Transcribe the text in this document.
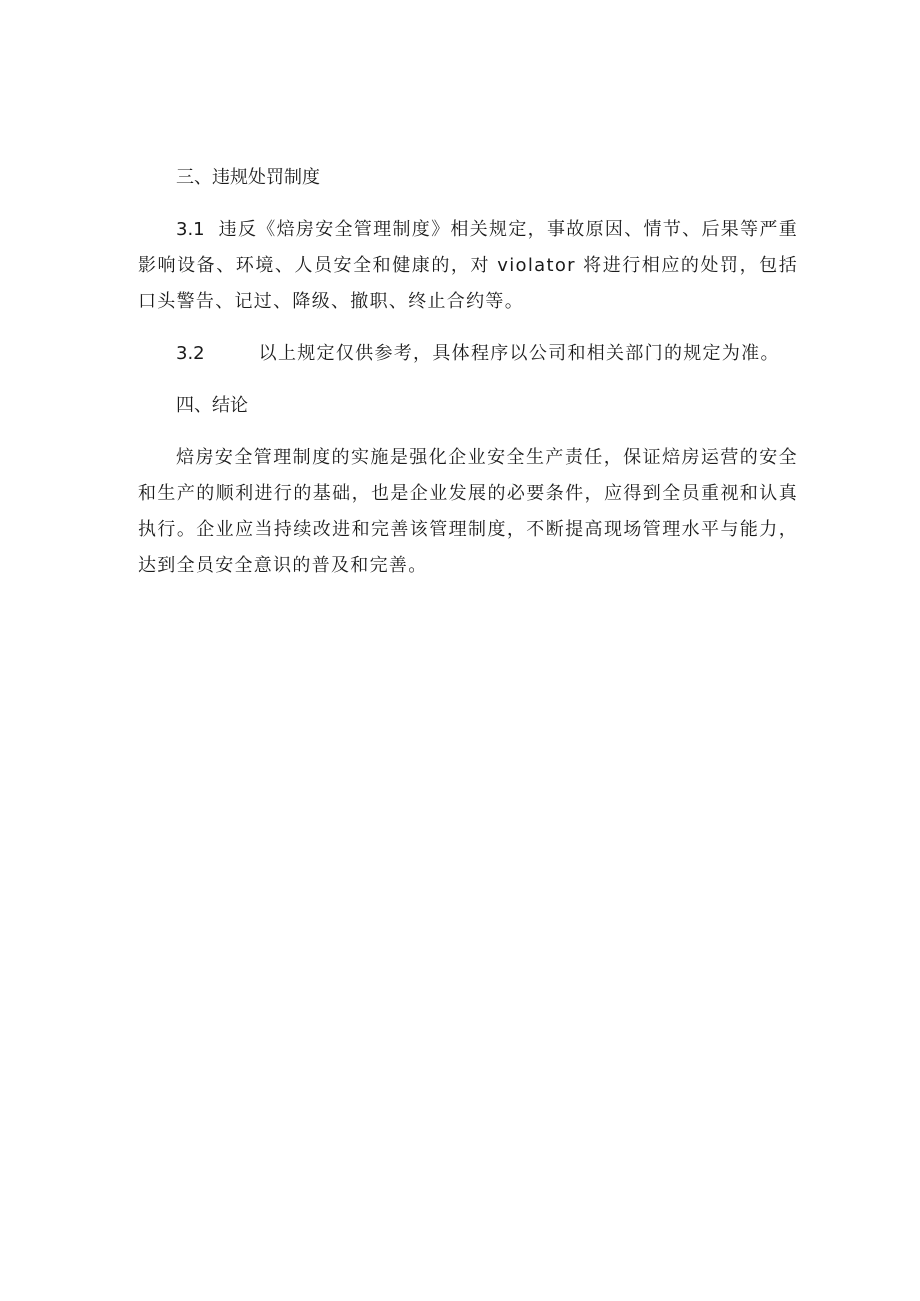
三、违规处罚制度

3.1 违反《焙房安全管理制度》相关规定，事故原因、情节、后果等严重影响设备、环境、人员安全和健康的，对 violator 将进行相应的处罚，包括口头警告、记过、降级、撤职、终止合约等。

3.2	以上规定仅供参考，具体程序以公司和相关部门的规定为准。

四、结论

焙房安全管理制度的实施是强化企业安全生产责任，保证焙房运营的安全和生产的顺利进行的基础，也是企业发展的必要条件，应得到全员重视和认真执行。企业应当持续改进和完善该管理制度，不断提高现场管理水平与能力，达到全员安全意识的普及和完善。
